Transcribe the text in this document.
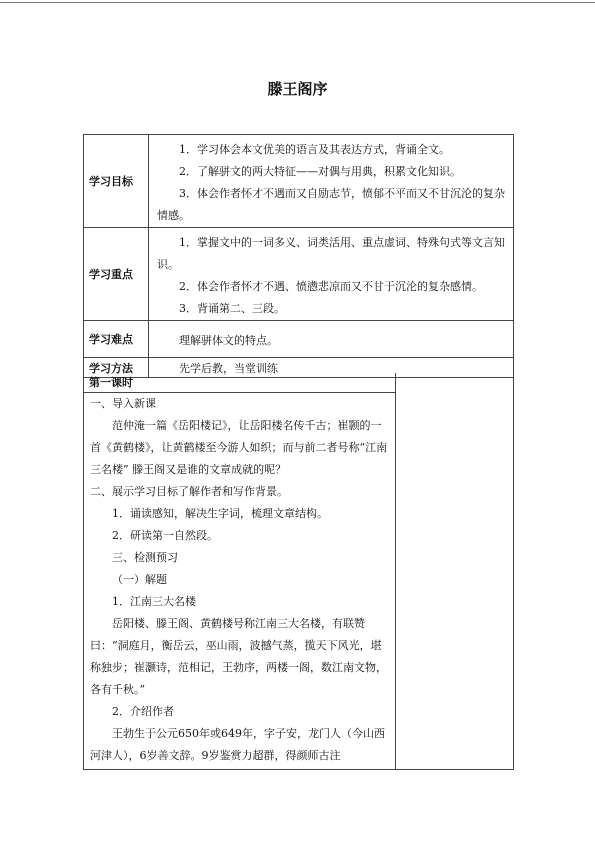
滕王阁序
学习目标	1．学习体会本文优美的语言及其表达方式，背诵全文。

2．了解骈文的两大特征——对偶与用典，积累文化知识。

3．体会作者怀才不遇而又自励志节，愤郁不平而又不甘沉沦的复杂情感。

学习重点	1．掌握文中的一词多义、词类活用、重点虚词、特殊句式等文言知识。

2．体会作者怀才不遇、愤懑悲凉而又不甘于沉沦的复杂感情。

3．背诵第二、三段。

学习难点	理解骈体文的特点。

学习方法	先学后教，当堂训练

第一课时

一、导入新课

范仲淹一篇《岳阳楼记》，让岳阳楼名传千古；崔颢的一首《黄鹤楼》，让黄鹤楼至今游人如织；而与前二者号称“江南三名楼” 滕王阁又是谁的文章成就的呢？

二、展示学习目标了解作者和写作背景。

1．诵读感知，解决生字词，梳理文章结构。

2．研读第一自然段。

三、检测预习

（一）解题

1．江南三大名楼

岳阳楼、滕王阁、黄鹤楼号称江南三大名楼，有联赞曰：“洞庭月，衡岳云，巫山雨，波撼气蒸，揽天下风光，堪称独步；崔灏诗，范相记，王勃序，两楼一阁，数江南文物，各有千秋。”

2．介绍作者

王勃生于公元650年或649年，字子安，龙门人（今山西河津人），6岁善文辞。9岁鉴赏力超群，得颜师古注
